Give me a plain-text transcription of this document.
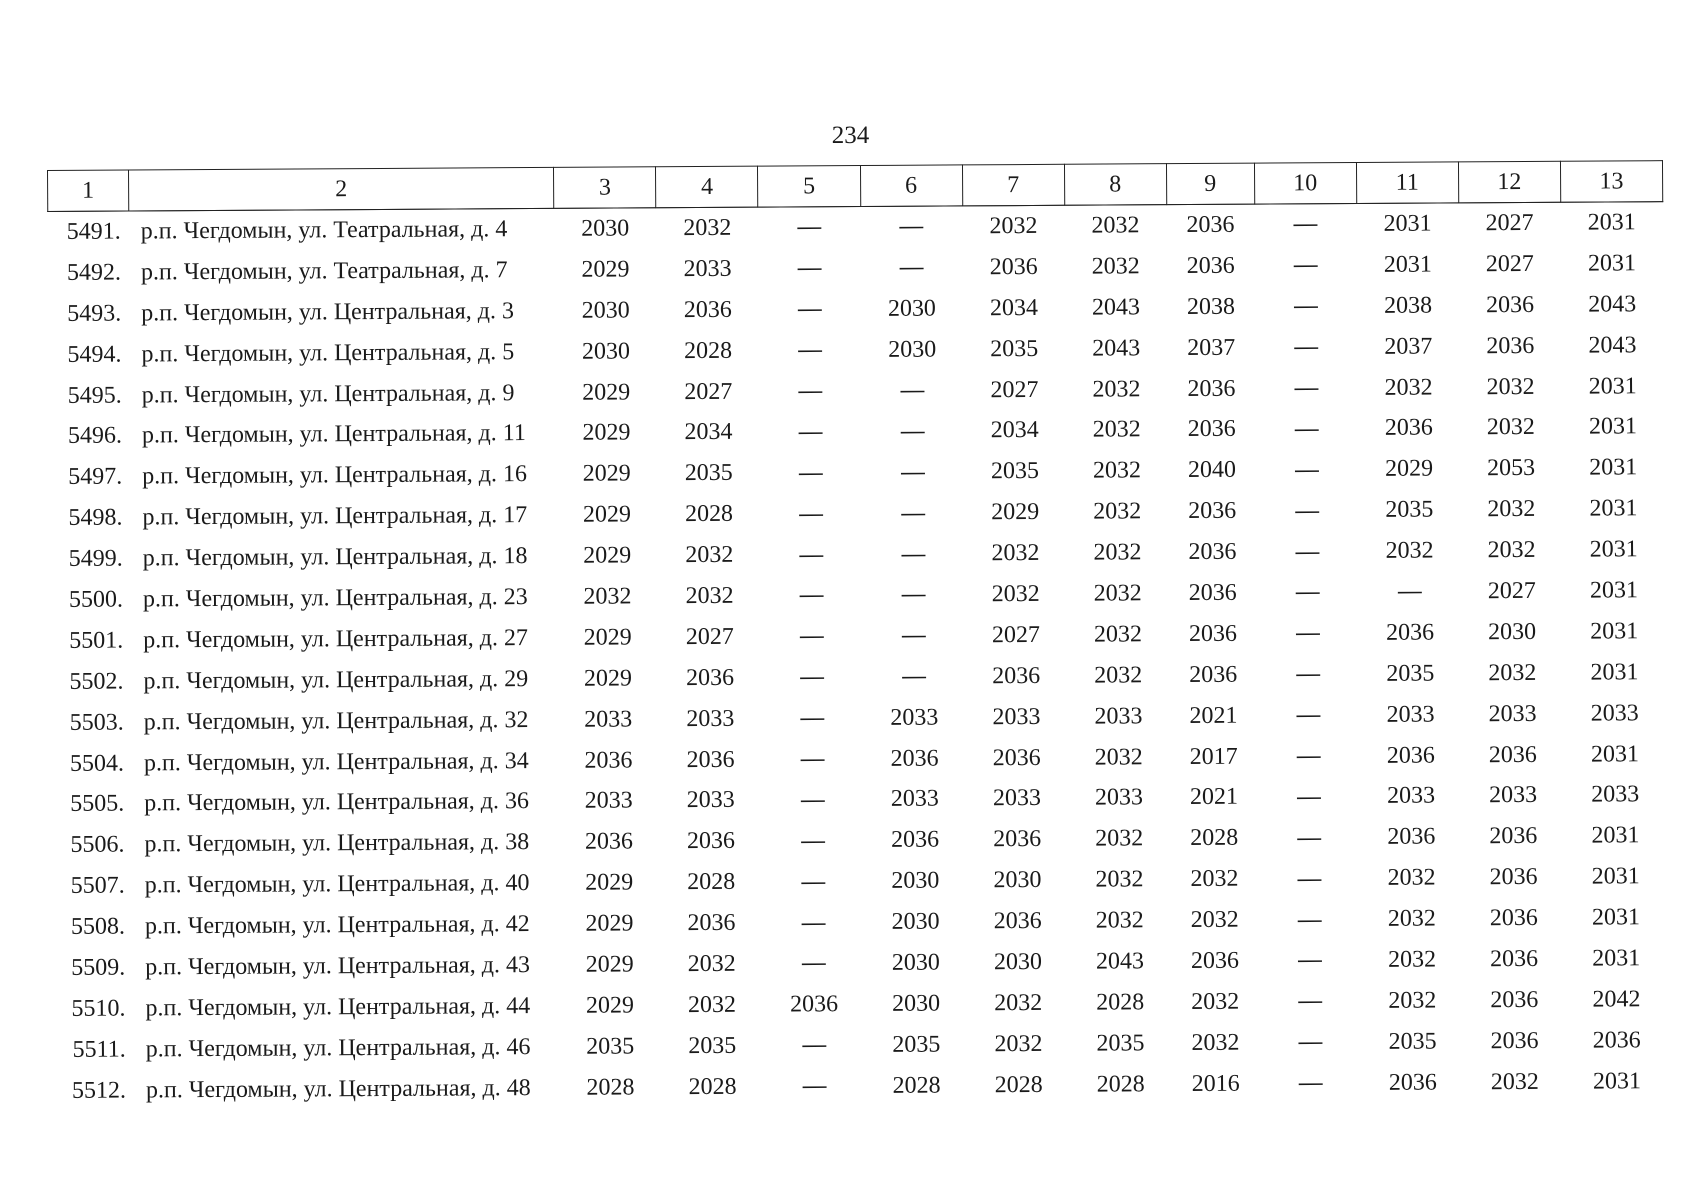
234
1	2	3	4	5	6	7	8	9	10	11	12	13
5491.	р.п. Чегдомын, ул. Театральная, д. 4	2030	2032	—	—	2032	2032	2036	—	2031	2027	2031
5492.	р.п. Чегдомын, ул. Театральная, д. 7	2029	2033	—	—	2036	2032	2036	—	2031	2027	2031
5493.	р.п. Чегдомын, ул. Центральная, д. 3	2030	2036	—	2030	2034	2043	2038	—	2038	2036	2043
5494.	р.п. Чегдомын, ул. Центральная, д. 5	2030	2028	—	2030	2035	2043	2037	—	2037	2036	2043
5495.	р.п. Чегдомын, ул. Центральная, д. 9	2029	2027	—	—	2027	2032	2036	—	2032	2032	2031
5496.	р.п. Чегдомын, ул. Центральная, д. 11	2029	2034	—	—	2034	2032	2036	—	2036	2032	2031
5497.	р.п. Чегдомын, ул. Центральная, д. 16	2029	2035	—	—	2035	2032	2040	—	2029	2053	2031
5498.	р.п. Чегдомын, ул. Центральная, д. 17	2029	2028	—	—	2029	2032	2036	—	2035	2032	2031
5499.	р.п. Чегдомын, ул. Центральная, д. 18	2029	2032	—	—	2032	2032	2036	—	2032	2032	2031
5500.	р.п. Чегдомын, ул. Центральная, д. 23	2032	2032	—	—	2032	2032	2036	—	—	2027	2031
5501.	р.п. Чегдомын, ул. Центральная, д. 27	2029	2027	—	—	2027	2032	2036	—	2036	2030	2031
5502.	р.п. Чегдомын, ул. Центральная, д. 29	2029	2036	—	—	2036	2032	2036	—	2035	2032	2031
5503.	р.п. Чегдомын, ул. Центральная, д. 32	2033	2033	—	2033	2033	2033	2021	—	2033	2033	2033
5504.	р.п. Чегдомын, ул. Центральная, д. 34	2036	2036	—	2036	2036	2032	2017	—	2036	2036	2031
5505.	р.п. Чегдомын, ул. Центральная, д. 36	2033	2033	—	2033	2033	2033	2021	—	2033	2033	2033
5506.	р.п. Чегдомын, ул. Центральная, д. 38	2036	2036	—	2036	2036	2032	2028	—	2036	2036	2031
5507.	р.п. Чегдомын, ул. Центральная, д. 40	2029	2028	—	2030	2030	2032	2032	—	2032	2036	2031
5508.	р.п. Чегдомын, ул. Центральная, д. 42	2029	2036	—	2030	2036	2032	2032	—	2032	2036	2031
5509.	р.п. Чегдомын, ул. Центральная, д. 43	2029	2032	—	2030	2030	2043	2036	—	2032	2036	2031
5510.	р.п. Чегдомын, ул. Центральная, д. 44	2029	2032	2036	2030	2032	2028	2032	—	2032	2036	2042
5511.	р.п. Чегдомын, ул. Центральная, д. 46	2035	2035	—	2035	2032	2035	2032	—	2035	2036	2036
5512.	р.п. Чегдомын, ул. Центральная, д. 48	2028	2028	—	2028	2028	2028	2016	—	2036	2032	2031
